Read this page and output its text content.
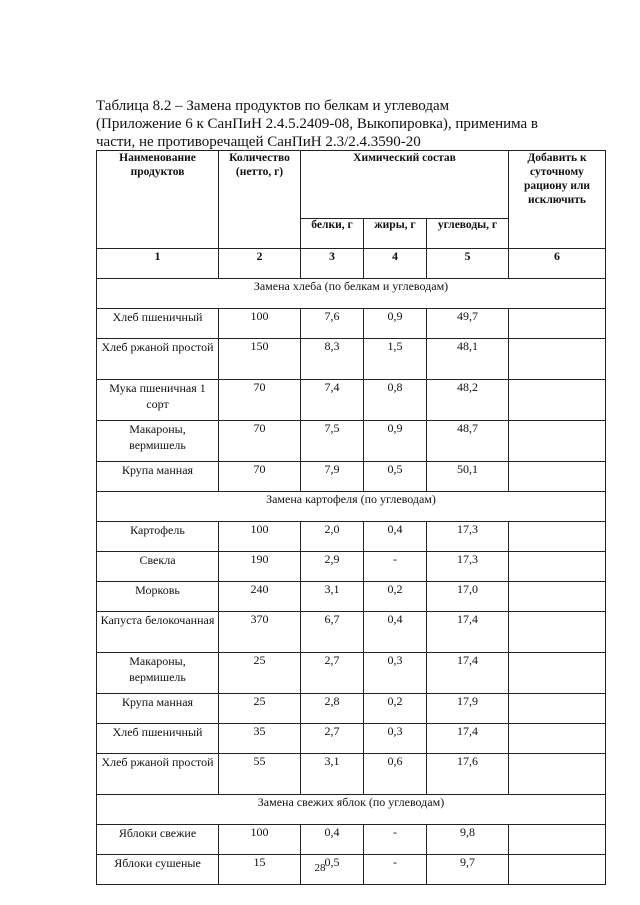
Таблица 8.2 – Замена продуктов по белкам и углеводам
(Приложение 6 к СанПиН 2.4.5.2409-08, Выкопировка), применима в
части, не противоречащей СанПиН 2.3/2.4.3590-20
Наименование продуктов	Количество (нетто, г)	Химический состав			Добавить к суточному рациону или исключить
		белки, г	жиры, г	углеводы, г	
1	2	3	4	5	6
Замена хлеба (по белкам и углеводам)					
Хлеб пшеничный	100	7,6	0,9	49,7	
Хлеб ржаной простой	150	8,3	1,5	48,1	
Мука пшеничная 1 сорт	70	7,4	0,8	48,2	
Макароны, вермишель	70	7,5	0,9	48,7	
Крупа манная	70	7,9	0,5	50,1	
Замена картофеля (по углеводам)					
Картофель	100	2,0	0,4	17,3	
Свекла	190	2,9	-	17,3	
Морковь	240	3,1	0,2	17,0	
Капуста белокочанная	370	6,7	0,4	17,4	
Макароны, вермишель	25	2,7	0,3	17,4	
Крупа манная	25	2,8	0,2	17,9	
Хлеб пшеничный	35	2,7	0,3	17,4	
Хлеб ржаной простой	55	3,1	0,6	17,6	
Замена свежих яблок (по углеводам)					
Яблоки свежие	100	0,4	-	9,8	
Яблоки сушеные	15	0,5	-	9,7	
28
